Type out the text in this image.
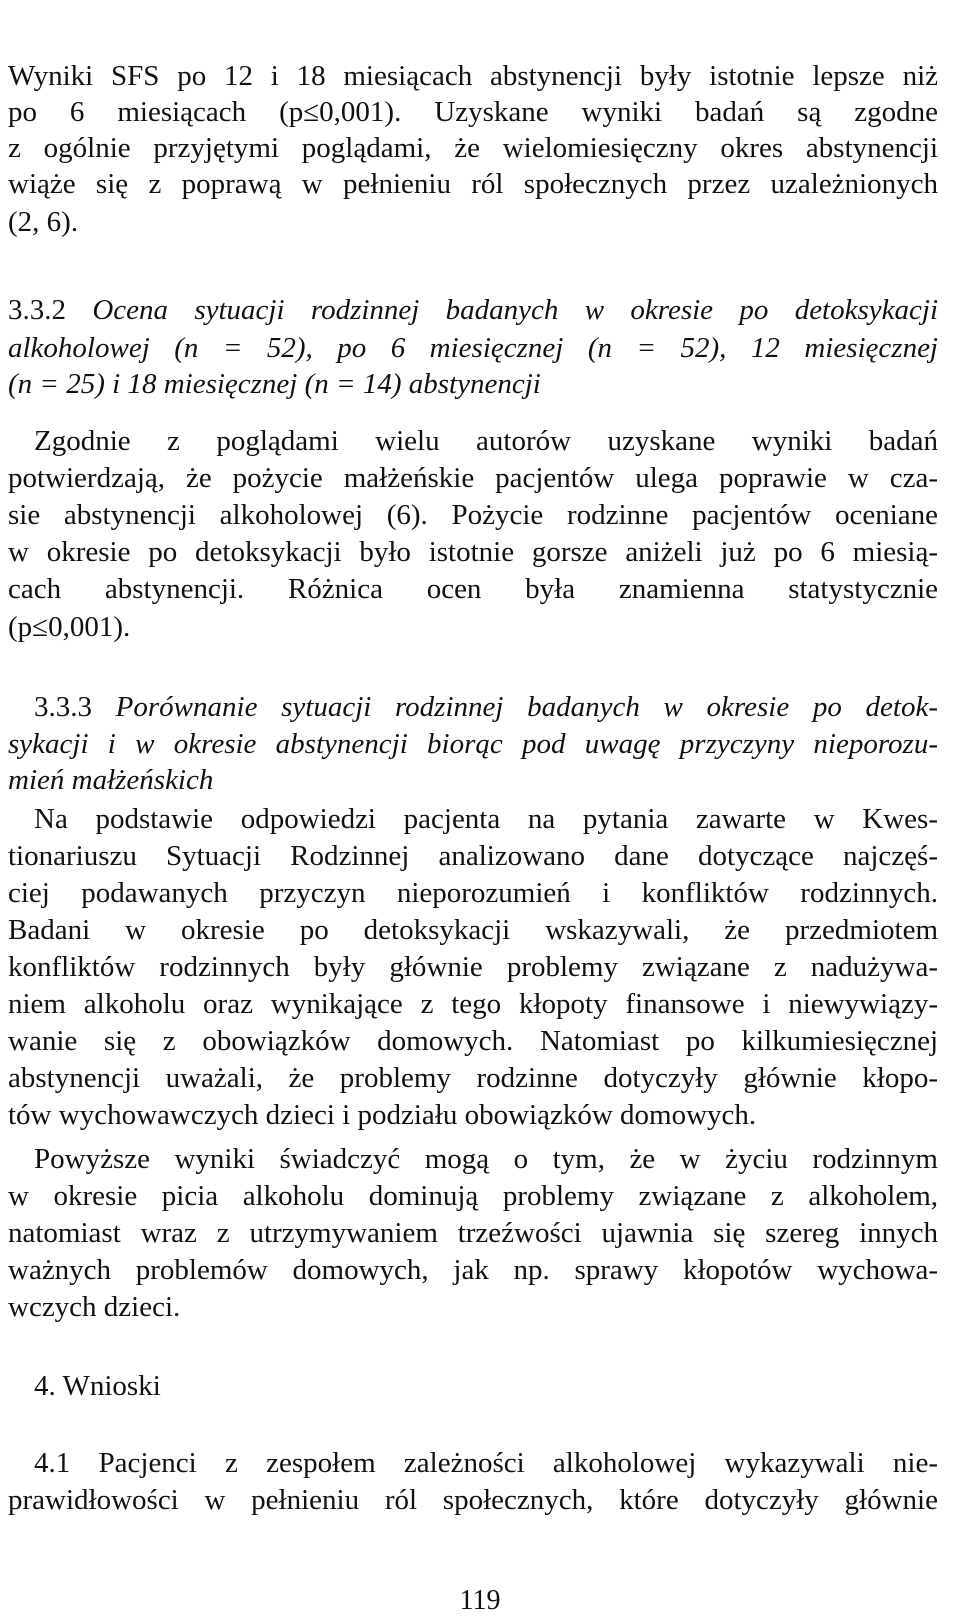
Wyniki SFS po 12 i 18 miesiącach abstynencji były istotnie lepsze niż
po 6 miesiącach (p≤0,001). Uzyskane wyniki badań są zgodne
z ogólnie przyjętymi poglądami, że wielomiesięczny okres abstynencji
wiąże się z poprawą w pełnieniu ról społecznych przez uzależnionych
(2, 6).
3.3.2 Ocena sytuacji rodzinnej badanych w okresie po detoksykacji
alkoholowej (n = 52), po 6 miesięcznej (n = 52), 12 miesięcznej
(n = 25) i 18 miesięcznej (n = 14) abstynencji
Zgodnie z poglądami wielu autorów uzyskane wyniki badań
potwierdzają, że pożycie małżeńskie pacjentów ulega poprawie w cza-
sie abstynencji alkoholowej (6). Pożycie rodzinne pacjentów oceniane
w okresie po detoksykacji było istotnie gorsze aniżeli już po 6 miesią-
cach abstynencji. Różnica ocen była znamienna statystycznie
(p≤0,001).
3.3.3 Porównanie sytuacji rodzinnej badanych w okresie po detok-
sykacji i w okresie abstynencji biorąc pod uwagę przyczyny nieporozu-
mień małżeńskich
Na podstawie odpowiedzi pacjenta na pytania zawarte w Kwes-
tionariuszu Sytuacji Rodzinnej analizowano dane dotyczące najczęś-
ciej podawanych przyczyn nieporozumień i konfliktów rodzinnych.
Badani w okresie po detoksykacji wskazywali, że przedmiotem
konfliktów rodzinnych były głównie problemy związane z nadużywa-
niem alkoholu oraz wynikające z tego kłopoty finansowe i niewywiązy-
wanie się z obowiązków domowych. Natomiast po kilkumiesięcznej
abstynencji uważali, że problemy rodzinne dotyczyły głównie kłopo-
tów wychowawczych dzieci i podziału obowiązków domowych.
Powyższe wyniki świadczyć mogą o tym, że w życiu rodzinnym
w okresie picia alkoholu dominują problemy związane z alkoholem,
natomiast wraz z utrzymywaniem trzeźwości ujawnia się szereg innych
ważnych problemów domowych, jak np. sprawy kłopotów wychowa-
wczych dzieci.
4. Wnioski
4.1 Pacjenci z zespołem zależności alkoholowej wykazywali nie-
prawidłowości w pełnieniu ról społecznych, które dotyczyły głównie
119
